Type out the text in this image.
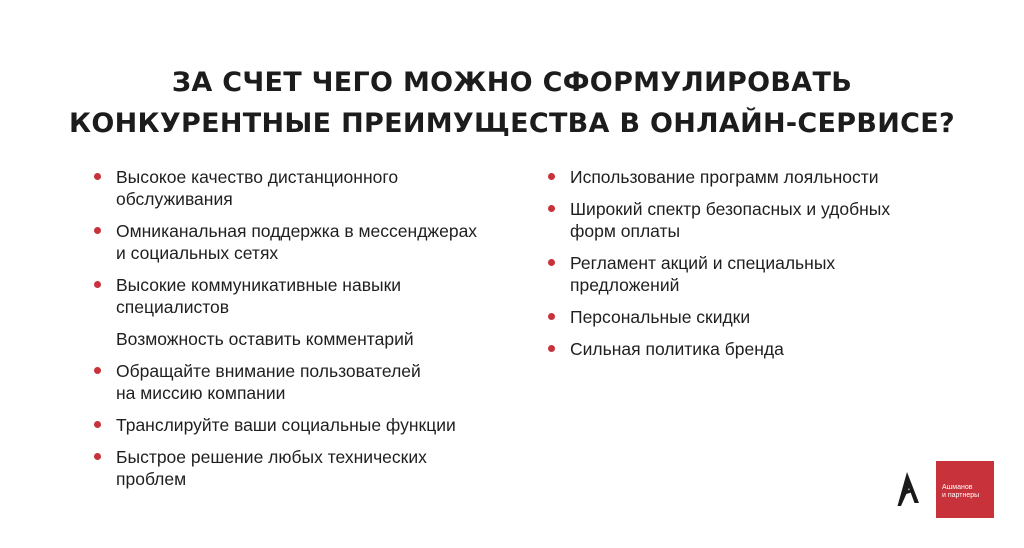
ЗА СЧЕТ ЧЕГО МОЖНО СФОРМУЛИРОВАТЬ
КОНКУРЕНТНЫЕ ПРЕИМУЩЕСТВА В ОНЛАЙН-СЕРВИСЕ?
Высокое качество дистанционного
обслуживания
Омниканальная поддержка в мессенджерах
и социальных сетях
Высокие коммуникативные навыки
специалистов
Возможность оставить комментарий
Обращайте внимание пользователей
на миссию компании
Транслируйте ваши социальные функции
Быстрое решение любых технических
проблем
Использование программ лояльности
Широкий спектр безопасных и удобных
форм оплаты
Регламент акций и специальных
предложений
Персональные скидки
Сильная политика бренда
Ашманов
и партнеры
